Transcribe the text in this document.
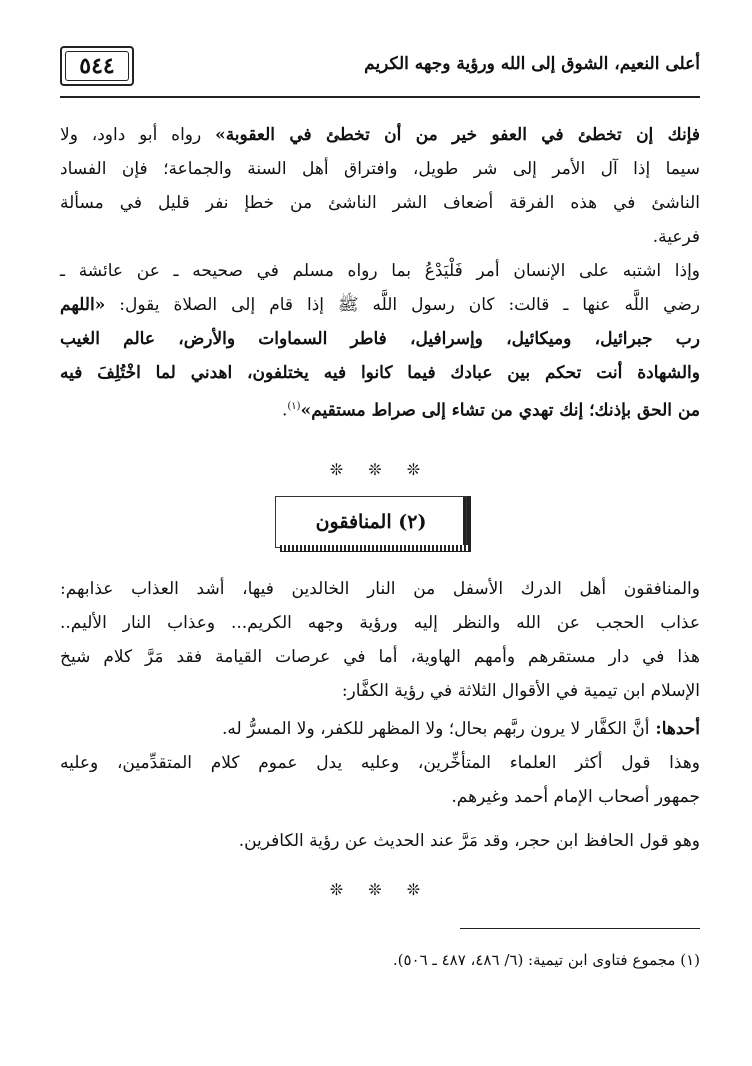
٥٤٤	أعلى النعيم، الشوق إلى الله ورؤية وجهه الكريم
فإنك إن تخطئ في العفو خير من أن تخطئ في العقوبة» رواه أبو داود، ولا
سيما إذا آل الأمر إلى شر طويل، وافتراق أهل السنة والجماعة؛ فإن الفساد
الناشئ في هذه الفرقة أضعاف الشر الناشئ من خطإ نفر قليل في مسألة
فرعية.
وإذا اشتبه على الإنسان أمر فَلْيَدْعُ بما رواه مسلم في صحيحه ـ عن عائشة ـ
رضي اللَّه عنها ـ قالت: كان رسول اللَّه ﷺ إذا قام إلى الصلاة يقول: «اللهم
رب جبرائيل، وميكائيل، وإسرافيل، فاطر السماوات والأرض، عالم الغيب
والشهادة أنت تحكم بين عبادك فيما كانوا فيه يختلفون، اهدني لما اخْتُلِفَ فيه
من الحق بإذنك؛ إنك تهدي من تشاء إلى صراط مستقيم»$^{(١)}$.
❊ ❊ ❊
(٢) المنافقون
والمنافقون أهل الدرك الأسفل من النار الخالدين فيها، أشد العذاب عذابهم:
عذاب الحجب عن الله والنظر إليه ورؤية وجهه الكريم... وعذاب النار الأليم..
هذا في دار مستقرهم وأمهم الهاوية، أما في عرصات القيامة فقد مَرَّ كلام شيخ
الإسلام ابن تيمية في الأقوال الثلاثة في رؤية الكفَّار:
أحدها: أنَّ الكفَّار لا يرون ربَّهم بحال؛ ولا المظهر للكفر، ولا المسرُّ له.
وهذا قول أكثر العلماء المتأخِّرين، وعليه يدل عموم كلام المتقدِّمين، وعليه
جمهور أصحاب الإمام أحمد وغيرهم.
وهو قول الحافظ ابن حجر، وقد مَرَّ عند الحديث عن رؤية الكافرين.
❊ ❊ ❊
(١) مجموع فتاوى ابن تيمية: (٦/ ٤٨٦، ٤٨٧ ـ ٥٠٦).
